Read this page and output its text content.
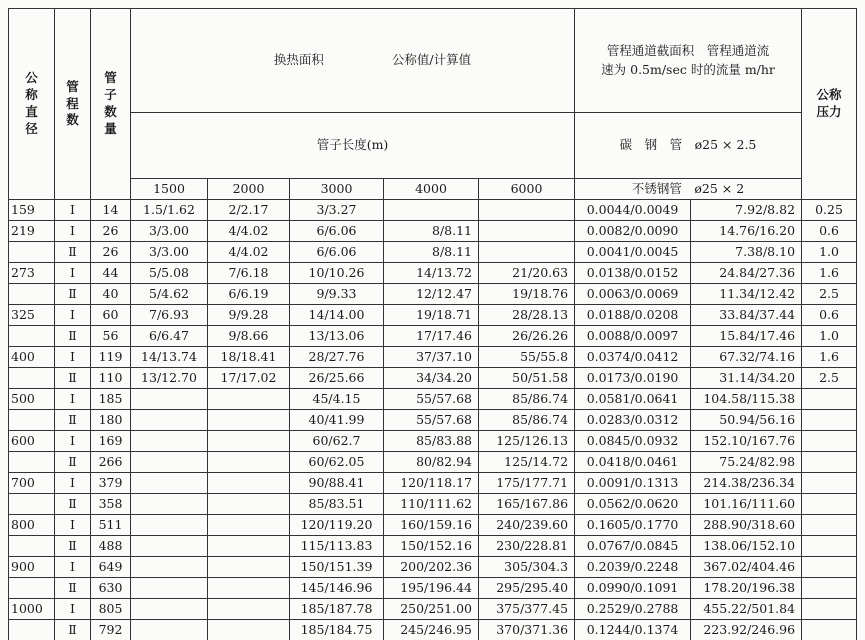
公称直径	管程数	管子数量	换热面积 公称值/计算值					管程通道截面积　管程通道流
速为 0.5m/sec 时的流量 m/hr		公称压力
			管子长度(m)					碳　钢　管　ø25 × 2.5		
			1500	2000	3000	4000	6000	不锈钢管　ø25 × 2		
159	Ⅰ	14	1.5/1.62	2/2.17	3/3.27			0.0044/0.0049	7.92/8.82	0.25
219	Ⅰ	26	3/3.00	4/4.02	6/6.06	8/8.11		0.0082/0.0090	14.76/16.20	0.6
	Ⅱ	26	3/3.00	4/4.02	6/6.06	8/8.11		0.0041/0.0045	7.38/8.10	1.0
273	Ⅰ	44	5/5.08	7/6.18	10/10.26	14/13.72	21/20.63	0.0138/0.0152	24.84/27.36	1.6
	Ⅱ	40	5/4.62	6/6.19	9/9.33	12/12.47	19/18.76	0.0063/0.0069	11.34/12.42	2.5
325	Ⅰ	60	7/6.93	9/9.28	14/14.00	19/18.71	28/28.13	0.0188/0.0208	33.84/37.44	0.6
	Ⅱ	56	6/6.47	9/8.66	13/13.06	17/17.46	26/26.26	0.0088/0.0097	15.84/17.46	1.0
400	Ⅰ	119	14/13.74	18/18.41	28/27.76	37/37.10	55/55.8	0.0374/0.0412	67.32/74.16	1.6
	Ⅱ	110	13/12.70	17/17.02	26/25.66	34/34.20	50/51.58	0.0173/0.0190	31.14/34.20	2.5
500	Ⅰ	185			45/4.15	55/57.68	85/86.74	0.0581/0.0641	104.58/115.38	
	Ⅱ	180			40/41.99	55/57.68	85/86.74	0.0283/0.0312	50.94/56.16	
600	Ⅰ	169			60/62.7	85/83.88	125/126.13	0.0845/0.0932	152.10/167.76	
	Ⅱ	266			60/62.05	80/82.94	125/14.72	0.0418/0.0461	75.24/82.98	
700	Ⅰ	379			90/88.41	120/118.17	175/177.71	0.0091/0.1313	214.38/236.34	
	Ⅱ	358			85/83.51	110/111.62	165/167.86	0.0562/0.0620	101.16/111.60	
800	Ⅰ	511			120/119.20	160/159.16	240/239.60	0.1605/0.1770	288.90/318.60	
	Ⅱ	488			115/113.83	150/152.16	230/228.81	0.0767/0.0845	138.06/152.10	
900	Ⅰ	649			150/151.39	200/202.36	305/304.3	0.2039/0.2248	367.02/404.46	
	Ⅱ	630			145/146.96	195/196.44	295/295.40	0.0990/0.1091	178.20/196.38	
1000	Ⅰ	805			185/187.78	250/251.00	375/377.45	0.2529/0.2788	455.22/501.84	
	Ⅱ	792			185/184.75	245/246.95	370/371.36	0.1244/0.1374	223.92/246.96	
